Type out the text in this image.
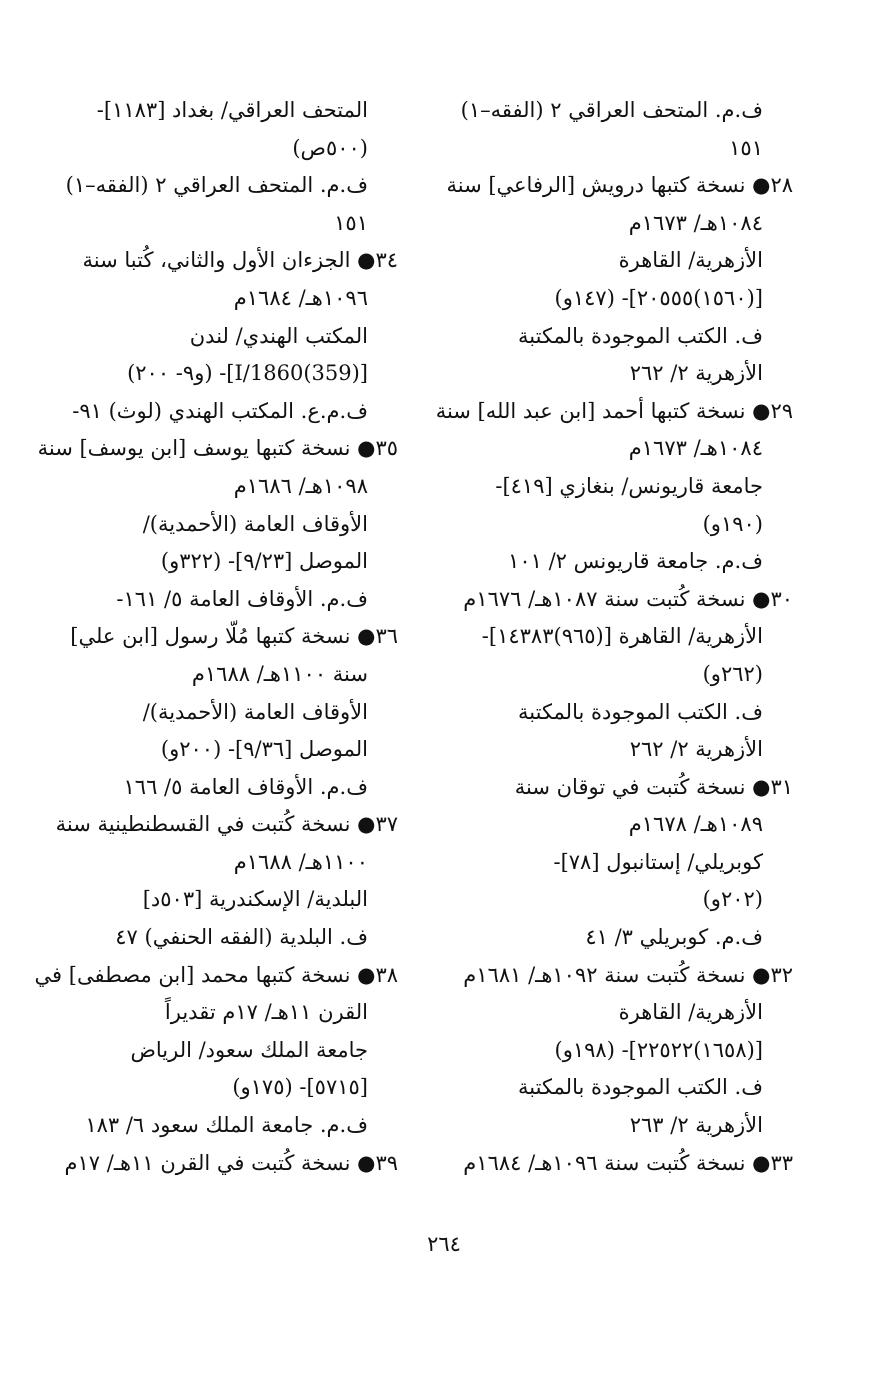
ف.م. المتحف العراقي ٢ (الفقه–١)
١٥١
٢٨● نسخة كتبها درويش [الرفاعي] سنة
١٠٨٤هـ/ ١٦٧٣م
الأزهرية/ القاهرة
[(١٥٦٠)٢٠٥٥٥]- (١٤٧و)
ف. الكتب الموجودة بالمكتبة
الأزهرية ٢/ ٢٦٢
٢٩● نسخة كتبها أحمد [ابن عبد الله] سنة
١٠٨٤هـ/ ١٦٧٣م
جامعة قاريونس/ بنغازي [٤١٩]-
(١٩٠و)
ف.م. جامعة قاريونس ٢/ ١٠١
٣٠● نسخة كُتبت سنة ١٠٨٧هـ/ ١٦٧٦م
الأزهرية/ القاهرة [(٩٦٥)١٤٣٨٣]-
(٢٦٢و)
ف. الكتب الموجودة بالمكتبة
الأزهرية ٢/ ٢٦٢
٣١● نسخة كُتبت في توقان سنة
١٠٨٩هـ/ ١٦٧٨م
كوبريلي/ إستانبول [٧٨]-
(٢٠٢و)
ف.م. كوبريلي ٣/ ٤١
٣٢● نسخة كُتبت سنة ١٠٩٢هـ/ ١٦٨١م
الأزهرية/ القاهرة
[(١٦٥٨)٢٢٥٢٢]- (١٩٨و)
ف. الكتب الموجودة بالمكتبة
الأزهرية ٢/ ٢٦٣
٣٣● نسخة كُتبت سنة ١٠٩٦هـ/ ١٦٨٤م
المتحف العراقي/ بغداد [١١٨٣]-
(٥٠٠ص)
ف.م. المتحف العراقي ٢ (الفقه–١)
١٥١
٣٤● الجزءان الأول والثاني، كُتبا سنة
١٠٩٦هـ/ ١٦٨٤م
المكتب الهندي/ لندن
[I/1860(359)]- (و٩- ٢٠٠)
ف.م.ع. المكتب الهندي (لوث) ٩١-
٣٥● نسخة كتبها يوسف [ابن يوسف] سنة
١٠٩٨هـ/ ١٦٨٦م
الأوقاف العامة (الأحمدية)/
الموصل [٩/٢٣]- (٣٢٢و)
ف.م. الأوقاف العامة ٥/ ١٦١-
٣٦● نسخة كتبها مُلّا رسول [ابن علي]
سنة ١١٠٠هـ/ ١٦٨٨م
الأوقاف العامة (الأحمدية)/
الموصل [٩/٣٦]- (٢٠٠و)
ف.م. الأوقاف العامة ٥/ ١٦٦
٣٧● نسخة كُتبت في القسطنطينية سنة
١١٠٠هـ/ ١٦٨٨م
البلدية/ الإسكندرية [٥٠٣د]
ف. البلدية (الفقه الحنفي) ٤٧
٣٨● نسخة كتبها محمد [ابن مصطفى] في
القرن ١١هـ/ ١٧م تقديراً
جامعة الملك سعود/ الرياض
[٥٧١٥]- (١٧٥و)
ف.م. جامعة الملك سعود ٦/ ١٨٣
٣٩● نسخة كُتبت في القرن ١١هـ/ ١٧م
٢٦٤
